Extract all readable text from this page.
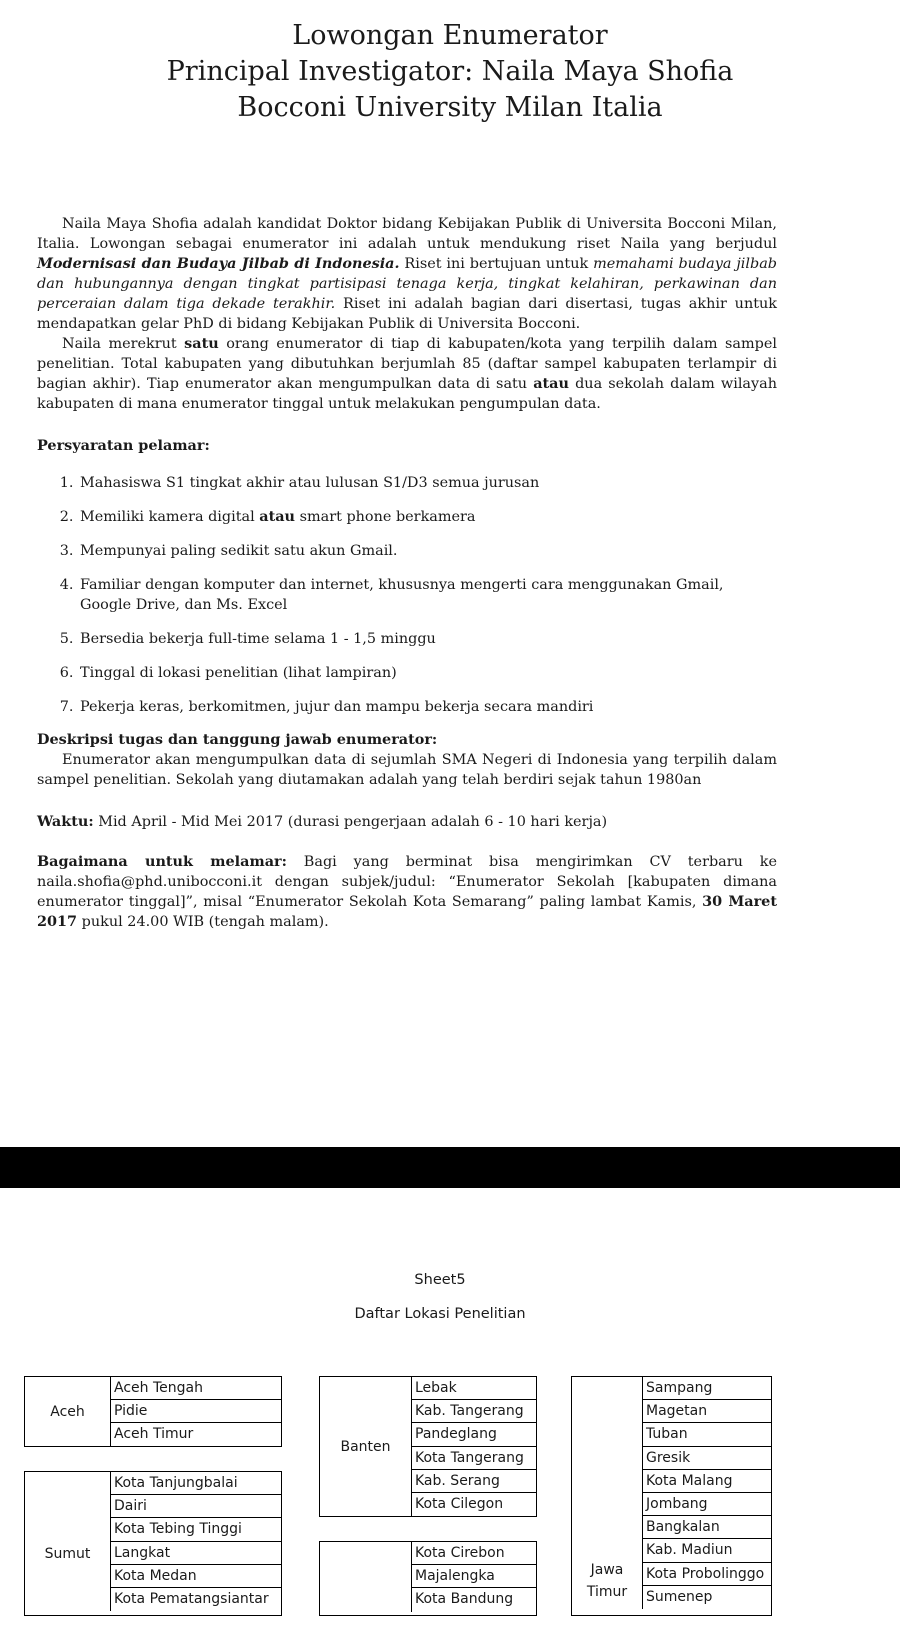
Lowongan Enumerator
Principal Investigator: Naila Maya Shofia
Bocconi University Milan Italia

Naila Maya Shofia adalah kandidat Doktor bidang Kebijakan Publik di Universita Bocconi Milan, Italia. Lowongan sebagai enumerator ini adalah untuk mendukung riset Naila yang berjudul Modernisasi dan Budaya Jilbab di Indonesia. Riset ini bertujuan untuk memahami budaya jilbab dan hubungannya dengan tingkat partisipasi tenaga kerja, tingkat kelahiran, perkawinan dan perceraian dalam tiga dekade terakhir. Riset ini adalah bagian dari disertasi, tugas akhir untuk mendapatkan gelar PhD di bidang Kebijakan Publik di Universita Bocconi.

Naila merekrut satu orang enumerator di tiap di kabupaten/kota yang terpilih dalam sampel penelitian. Total kabupaten yang dibutuhkan berjumlah 85 (daftar sampel kabupaten terlampir di bagian akhir). Tiap enumerator akan mengumpulkan data di satu atau dua sekolah dalam wilayah kabupaten di mana enumerator tinggal untuk melakukan pengumpulan data.

Persyaratan pelamar:
1. Mahasiswa S1 tingkat akhir atau lulusan S1/D3 semua jurusan
2. Memiliki kamera digital atau smart phone berkamera
3. Mempunyai paling sedikit satu akun Gmail.
4. Familiar dengan komputer dan internet, khususnya mengerti cara menggunakan Gmail, Google Drive, dan Ms. Excel
5. Bersedia bekerja full-time selama 1 - 1,5 minggu
6. Tinggal di lokasi penelitian (lihat lampiran)
7. Pekerja keras, berkomitmen, jujur dan mampu bekerja secara mandiri
Deskripsi tugas dan tanggung jawab enumerator:

Enumerator akan mengumpulkan data di sejumlah SMA Negeri di Indonesia yang terpilih dalam sampel penelitian. Sekolah yang diutamakan adalah yang telah berdiri sejak tahun 1980an

Waktu: Mid April - Mid Mei 2017 (durasi pengerjaan adalah 6 - 10 hari kerja)
Bagaimana untuk melamar: Bagi yang berminat bisa mengirimkan CV terbaru ke naila.shofia@phd.unibocconi.it dengan subjek/judul: “Enumerator Sekolah [kabupaten dimana enumerator tinggal]”, misal “Enumerator Sekolah Kota Semarang” paling lambat Kamis, 30 Maret 2017 pukul 24.00 WIB (tengah malam).
Sheet5
Daftar Lokasi Penelitian
Aceh
Aceh Tengah
Pidie
Aceh Timur
Sumut
Kota Tanjungbalai
Dairi
Kota Tebing Tinggi
Langkat
Kota Medan
Kota Pematangsiantar
Banten
Lebak
Kab. Tangerang
Pandeglang
Kota Tangerang
Kab. Serang
Kota Cilegon
Kota Cirebon
Majalengka
Kota Bandung
Jawa Timur
Sampang
Magetan
Tuban
Gresik
Kota Malang
Jombang
Bangkalan
Kab. Madiun
Kota Probolinggo
Sumenep
